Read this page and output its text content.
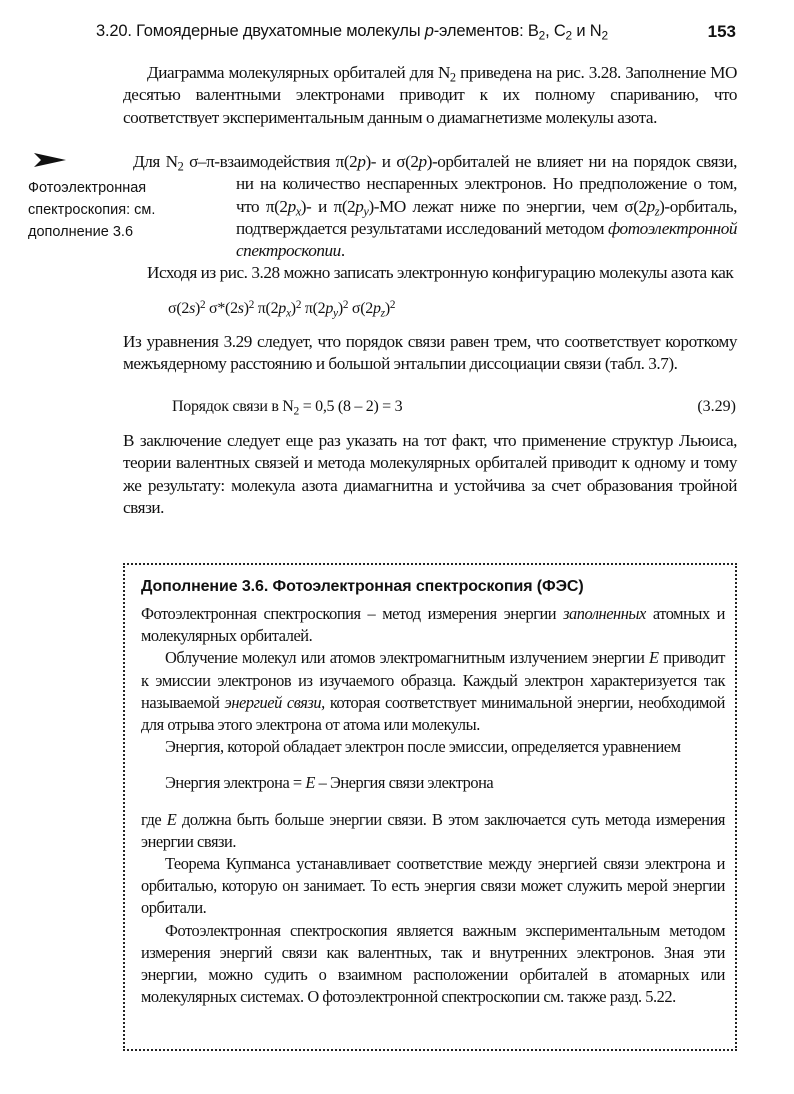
3.20. Гомоядерные двухатомные молекулы p-элементов: $B_2$, $C_2$ и $N_2$	153

Диаграмма молекулярных орбиталей для $N_2$ приведена на рис. 3.28. Заполнение МО десятью валентными электронами приводит к их полному спариванию, что соответствует экспериментальным данным о диамагнетизме молекулы азота.

Фотоэлектронная спектроскопия: см. дополнение 3.6

Для $N_2$ σ–π-взаимодействия π(2p)- и σ(2p)-орбиталей не влияет ни на порядок связи, ни на количество неспаренных электронов. Но предположение о том, что $\pi(2p_x)-$ и $\pi(2p_y)-МО$ лежат ниже по энергии, чем $\sigma(2p_z)$-орбиталь, подтверждается результатами исследований методом фотоэлектронной спектроскопии.

Исходя из рис. 3.28 можно записать электронную конфигурацию молекулы азота как

$\sigma(2s)^2$ $\sigma*(2s)^2$ $\pi(2p_x)^2$ $\pi(2p_y)^2$ $\sigma(2p_z)^2$

Из уравнения 3.29 следует, что порядок связи равен трем, что соответствует короткому межъядерному расстоянию и большой энтальпии диссоциации связи (табл. 3.7).

Порядок связи в $N_2 = 0,5$ (8 – 2) = 3	(3.29)

В заключение следует еще раз указать на тот факт, что применение структур Льюиса, теории валентных связей и метода молекулярных орбиталей приводит к одному и тому же результату: молекула азота диамагнитна и устойчива за счет образования тройной связи.

Дополнение 3.6. Фотоэлектронная спектроскопия (ФЭС)

Фотоэлектронная спектроскопия – метод измерения энергии заполненных атомных и молекулярных орбиталей.

Облучение молекул или атомов электромагнитным излучением энергии E приводит к эмиссии электронов из изучаемого образца. Каждый электрон характеризуется так называемой энергией связи, которая соответствует минимальной энергии, необходимой для отрыва этого электрона от атома или молекулы.

Энергия, которой обладает электрон после эмиссии, определяется уравнением

Энергия электрона = E – Энергия связи электрона

где E должна быть больше энергии связи. В этом заключается суть метода измерения энергии связи.

Теорема Купманса устанавливает соответствие между энергией связи электрона и орбиталью, которую он занимает. То есть энергия связи может служить мерой энергии орбитали.

Фотоэлектронная спектроскопия является важным экспериментальным методом измерения энергий связи как валентных, так и внутренних электронов. Зная эти энергии, можно судить о взаимном расположении орбиталей в атомарных или молекулярных системах. О фотоэлектронной спектроскопии см. также разд. 5.22.
